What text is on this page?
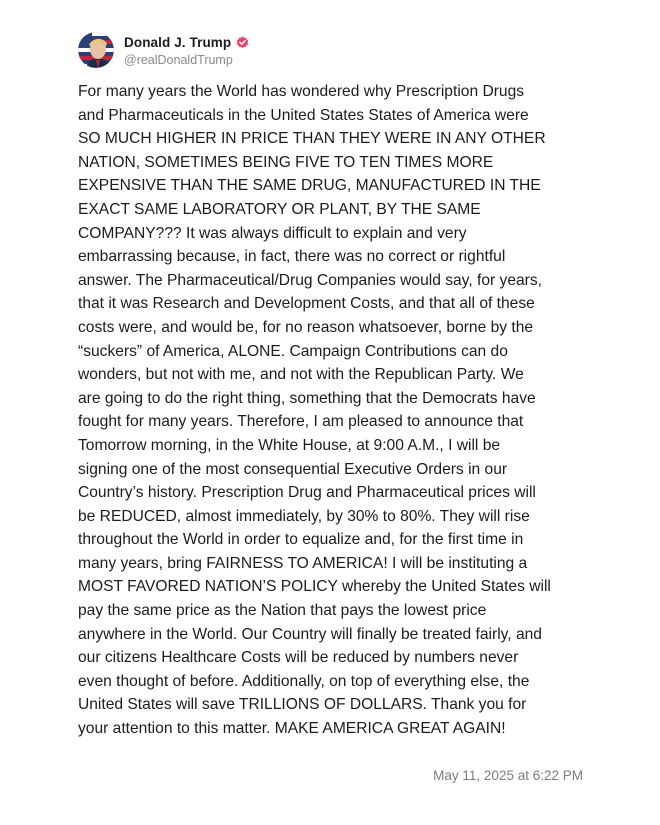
Donald J. Trump
@realDonaldTrump
For many years the World has wondered why Prescription Drugs
and Pharmaceuticals in the United States States of America were
SO MUCH HIGHER IN PRICE THAN THEY WERE IN ANY OTHER
NATION, SOMETIMES BEING FIVE TO TEN TIMES MORE
EXPENSIVE THAN THE SAME DRUG, MANUFACTURED IN THE
EXACT SAME LABORATORY OR PLANT, BY THE SAME
COMPANY??? It was always difficult to explain and very
embarrassing because, in fact, there was no correct or rightful
answer. The Pharmaceutical/Drug Companies would say, for years,
that it was Research and Development Costs, and that all of these
costs were, and would be, for no reason whatsoever, borne by the
“suckers” of America, ALONE. Campaign Contributions can do
wonders, but not with me, and not with the Republican Party. We
are going to do the right thing, something that the Democrats have
fought for many years. Therefore, I am pleased to announce that
Tomorrow morning, in the White House, at 9:00 A.M., I will be
signing one of the most consequential Executive Orders in our
Country’s history. Prescription Drug and Pharmaceutical prices will
be REDUCED, almost immediately, by 30% to 80%. They will rise
throughout the World in order to equalize and, for the first time in
many years, bring FAIRNESS TO AMERICA! I will be instituting a
MOST FAVORED NATION’S POLICY whereby the United States will
pay the same price as the Nation that pays the lowest price
anywhere in the World. Our Country will finally be treated fairly, and
our citizens Healthcare Costs will be reduced by numbers never
even thought of before. Additionally, on top of everything else, the
United States will save TRILLIONS OF DOLLARS. Thank you for
your attention to this matter. MAKE AMERICA GREAT AGAIN!
May 11, 2025 at 6:22 PM
